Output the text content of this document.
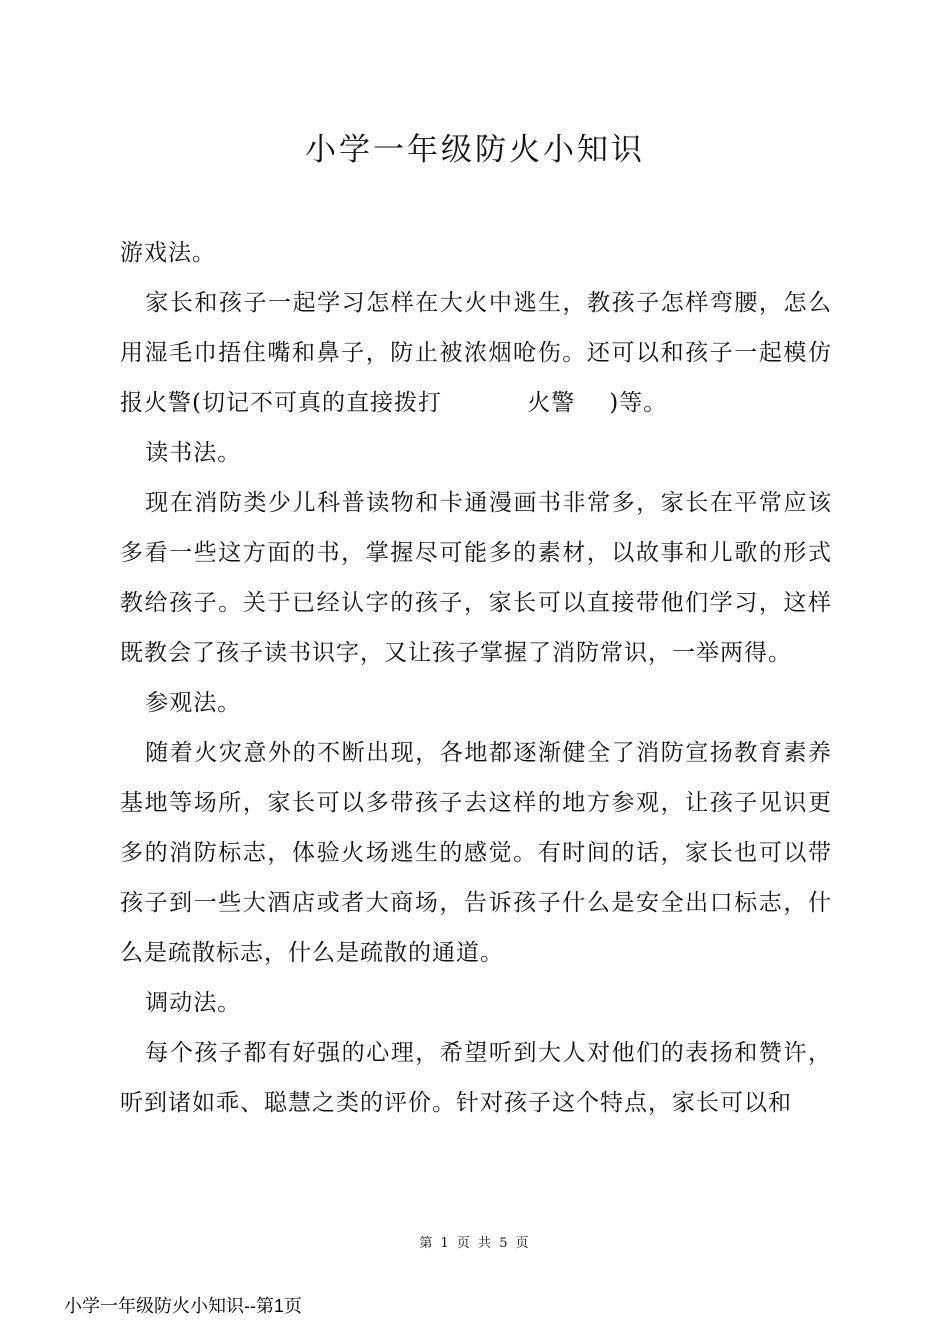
小学一年级防火小知识

游戏法。

家长和孩子一起学习怎样在大火中逃生，教孩子怎样弯腰，怎么用湿毛巾捂住嘴和鼻子，防止被浓烟呛伤。还可以和孩子一起模仿报火警(切记不可真的直接拨打	火警 )等。

读书法。

现在消防类少儿科普读物和卡通漫画书非常多，家长在平常应该多看一些这方面的书，掌握尽可能多的素材，以故事和儿歌的形式教给孩子。关于已经认字的孩子，家长可以直接带他们学习，这样既教会了孩子读书识字，又让孩子掌握了消防常识，一举两得。

参观法。

随着火灾意外的不断出现，各地都逐渐健全了消防宣扬教育素养基地等场所，家长可以多带孩子去这样的地方参观，让孩子见识更多的消防标志，体验火场逃生的感觉。有时间的话，家长也可以带孩子到一些大酒店或者大商场，告诉孩子什么是安全出口标志，什么是疏散标志，什么是疏散的通道。

调动法。

每个孩子都有好强的心理，希望听到大人对他们的表扬和赞许，听到诸如乖、聪慧之类的评价。针对孩子这个特点，家长可以和

第 1 页 共 5 页
小学一年级防火小知识--第1页
